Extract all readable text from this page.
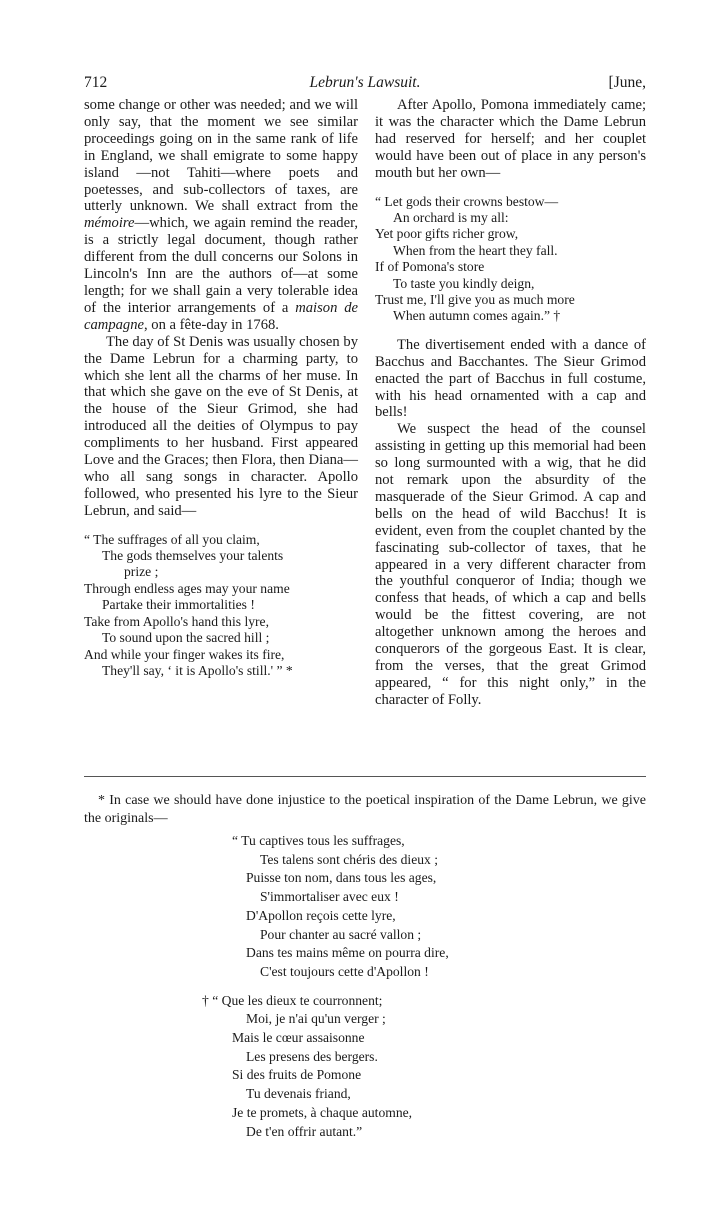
712	Lebrun's Lawsuit.	[June,

some change or other was needed; and we will only say, that the moment we see similar proceedings going on in the same rank of life in England, we shall emigrate to some happy island —not Tahiti—where poets and poetesses, and sub-collectors of taxes, are utterly unknown. We shall extract from the mémoire—which, we again remind the reader, is a strictly legal document, though rather different from the dull concerns our Solons in Lincoln's Inn are the authors of—at some length; for we shall gain a very tolerable idea of the interior arrangements of a maison de campagne, on a fête-day in 1768.

The day of St Denis was usually chosen by the Dame Lebrun for a charming party, to which she lent all the charms of her muse. In that which she gave on the eve of St Denis, at the house of the Sieur Grimod, she had introduced all the deities of Olympus to pay compliments to her husband. First appeared Love and the Graces; then Flora, then Diana—who all sang songs in character. Apollo followed, who presented his lyre to the Sieur Lebrun, and said—

“ The suffrages of all you claim,
The gods themselves your talents
prize ;
Through endless ages may your name
Partake their immortalities !
Take from Apollo's hand this lyre,
To sound upon the sacred hill ;
And while your finger wakes its fire,
They'll say, ‘ it is Apollo's still.' ” *

After Apollo, Pomona immediately came; it was the character which the Dame Lebrun had reserved for herself; and her couplet would have been out of place in any person's mouth but her own—

“ Let gods their crowns bestow—
An orchard is my all:
Yet poor gifts richer grow,
When from the heart they fall.
If of Pomona's store
To taste you kindly deign,
Trust me, I'll give you as much more
When autumn comes again.” †

The divertisement ended with a dance of Bacchus and Bacchantes. The Sieur Grimod enacted the part of Bacchus in full costume, with his head ornamented with a cap and bells!

We suspect the head of the counsel assisting in getting up this memorial had been so long surmounted with a wig, that he did not remark upon the absurdity of the masquerade of the Sieur Grimod. A cap and bells on the head of wild Bacchus! It is evident, even from the couplet chanted by the fascinating sub-collector of taxes, that he appeared in a very different character from the youthful conqueror of India; though we confess that heads, of which a cap and bells would be the fittest covering, are not altogether unknown among the heroes and conquerors of the gorgeous East. It is clear, from the verses, that the great Grimod appeared, “ for this night only,” in the character of Folly.

* In case we should have done injustice to the poetical inspiration of the Dame Lebrun, we give the originals—

“ Tu captives tous les suffrages,
Tes talens sont chéris des dieux ;
Puisse ton nom, dans tous les ages,
S'immortaliser avec eux !
D'Apollon reçois cette lyre,
Pour chanter au sacré vallon ;
Dans tes mains même on pourra dire,
C'est toujours cette d'Apollon !
† “ Que les dieux te courronnent;
Moi, je n'ai qu'un verger ;
Mais le cœur assaisonne
Les presens des bergers.
Si des fruits de Pomone
Tu devenais friand,
Je te promets, à chaque automne,
De t'en offrir autant.”
